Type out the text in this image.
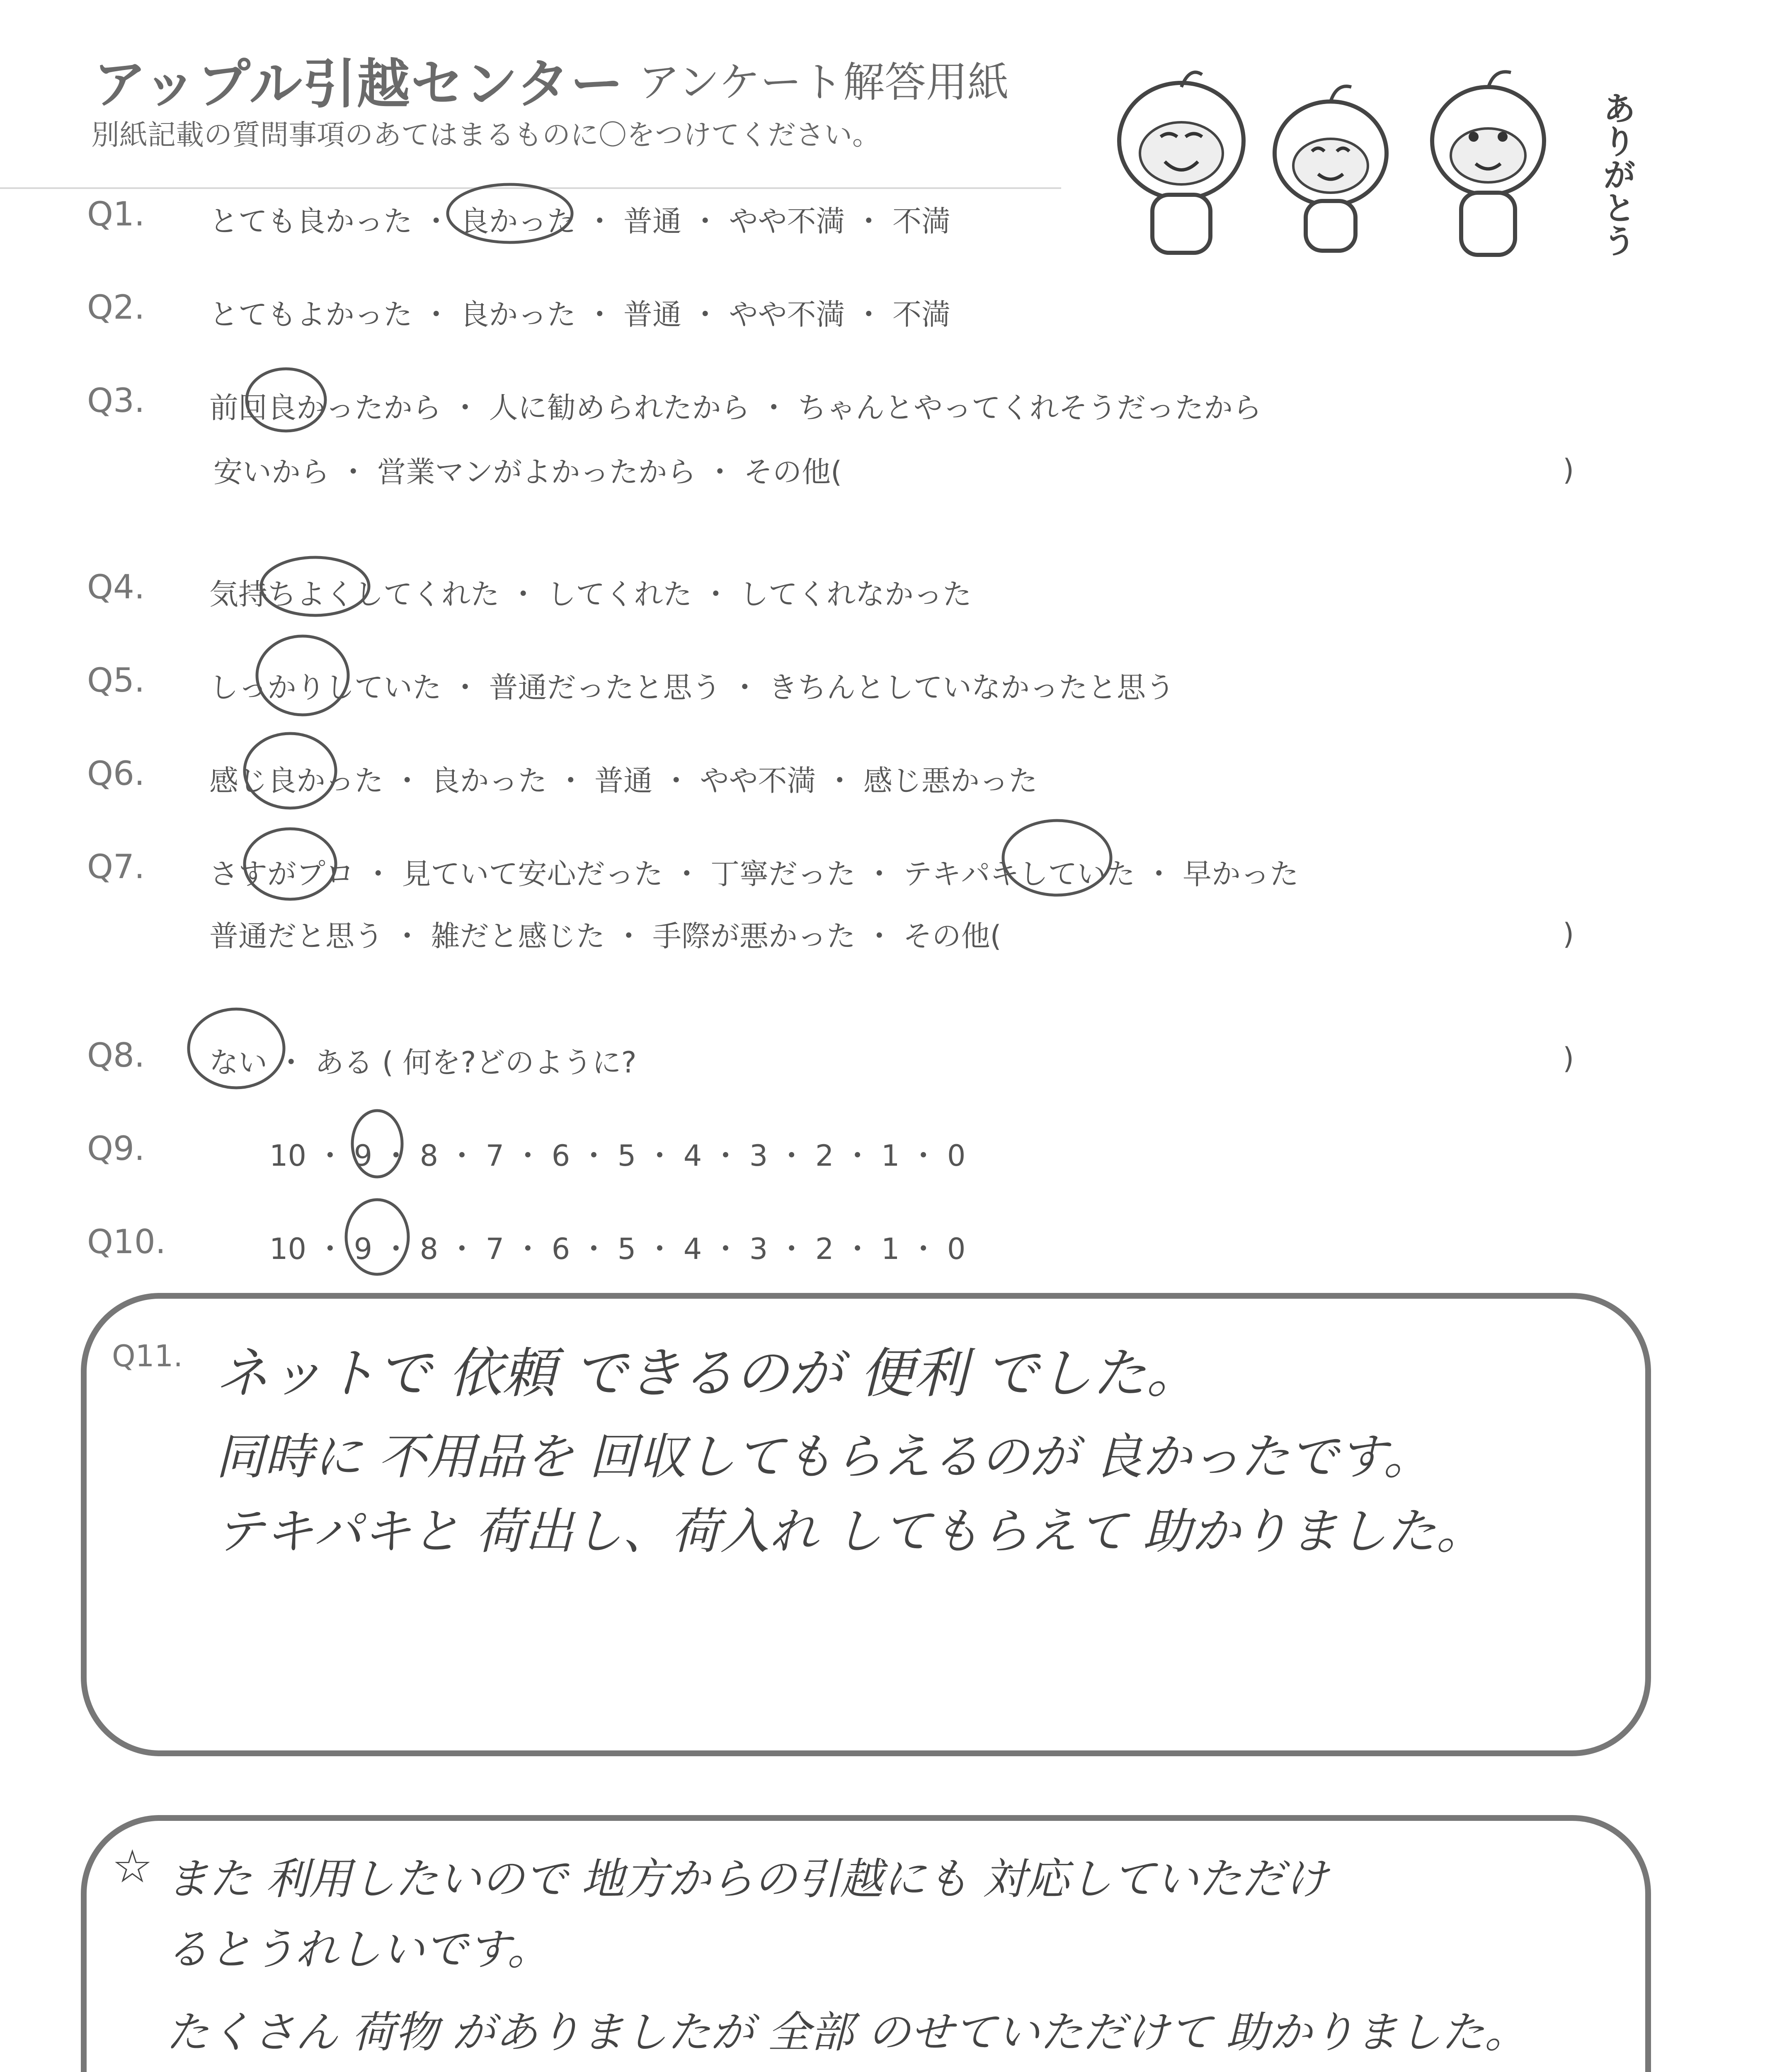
アップル引越センター アンケート解答用紙
別紙記載の質問事項のあてはまるものに〇をつけてください。	ありがとう
Q1. とても良かった ・ 良かった ・ 普通 ・ やや不満 ・ 不満
Q2. とてもよかった ・ 良かった ・ 普通 ・ やや不満 ・ 不満
Q3. 前回良かったから ・ 人に勧められたから ・ ちゃんとやってくれそうだったから
安いから ・ 営業マンがよかったから ・ その他(	)
Q4. 気持ちよくしてくれた ・ してくれた ・ してくれなかった
Q5. しっかりしていた ・ 普通だったと思う ・ きちんとしていなかったと思う
Q6. 感じ良かった ・ 良かった ・ 普通 ・ やや不満 ・ 感じ悪かった
Q7. さすがプロ ・ 見ていて安心だった ・ 丁寧だった ・ テキパキしていた ・ 早かった
普通だと思う ・ 雑だと感じた ・ 手際が悪かった ・ その他(	)
Q8. ない ・ ある ( 何を?どのように?	)
Q9.	10 ・ 9 ・ 8 ・ 7 ・ 6 ・ 5 ・ 4 ・ 3 ・ 2 ・ 1 ・ 0
Q10.	10 ・ 9 ・ 8 ・ 7 ・ 6 ・ 5 ・ 4 ・ 3 ・ 2 ・ 1 ・ 0
Q11. ネットで 依頼 できるのが 便利 でした。
同時に 不用品を 回収してもらえるのが 良かったです。
テキパキと 荷出し、荷入れ してもらえて 助かりました。
☆ また 利用したいので 地方からの引越にも 対応していただけ
るとうれしいです。
たくさん 荷物 がありましたが 全部 のせていただけて 助かりました。
